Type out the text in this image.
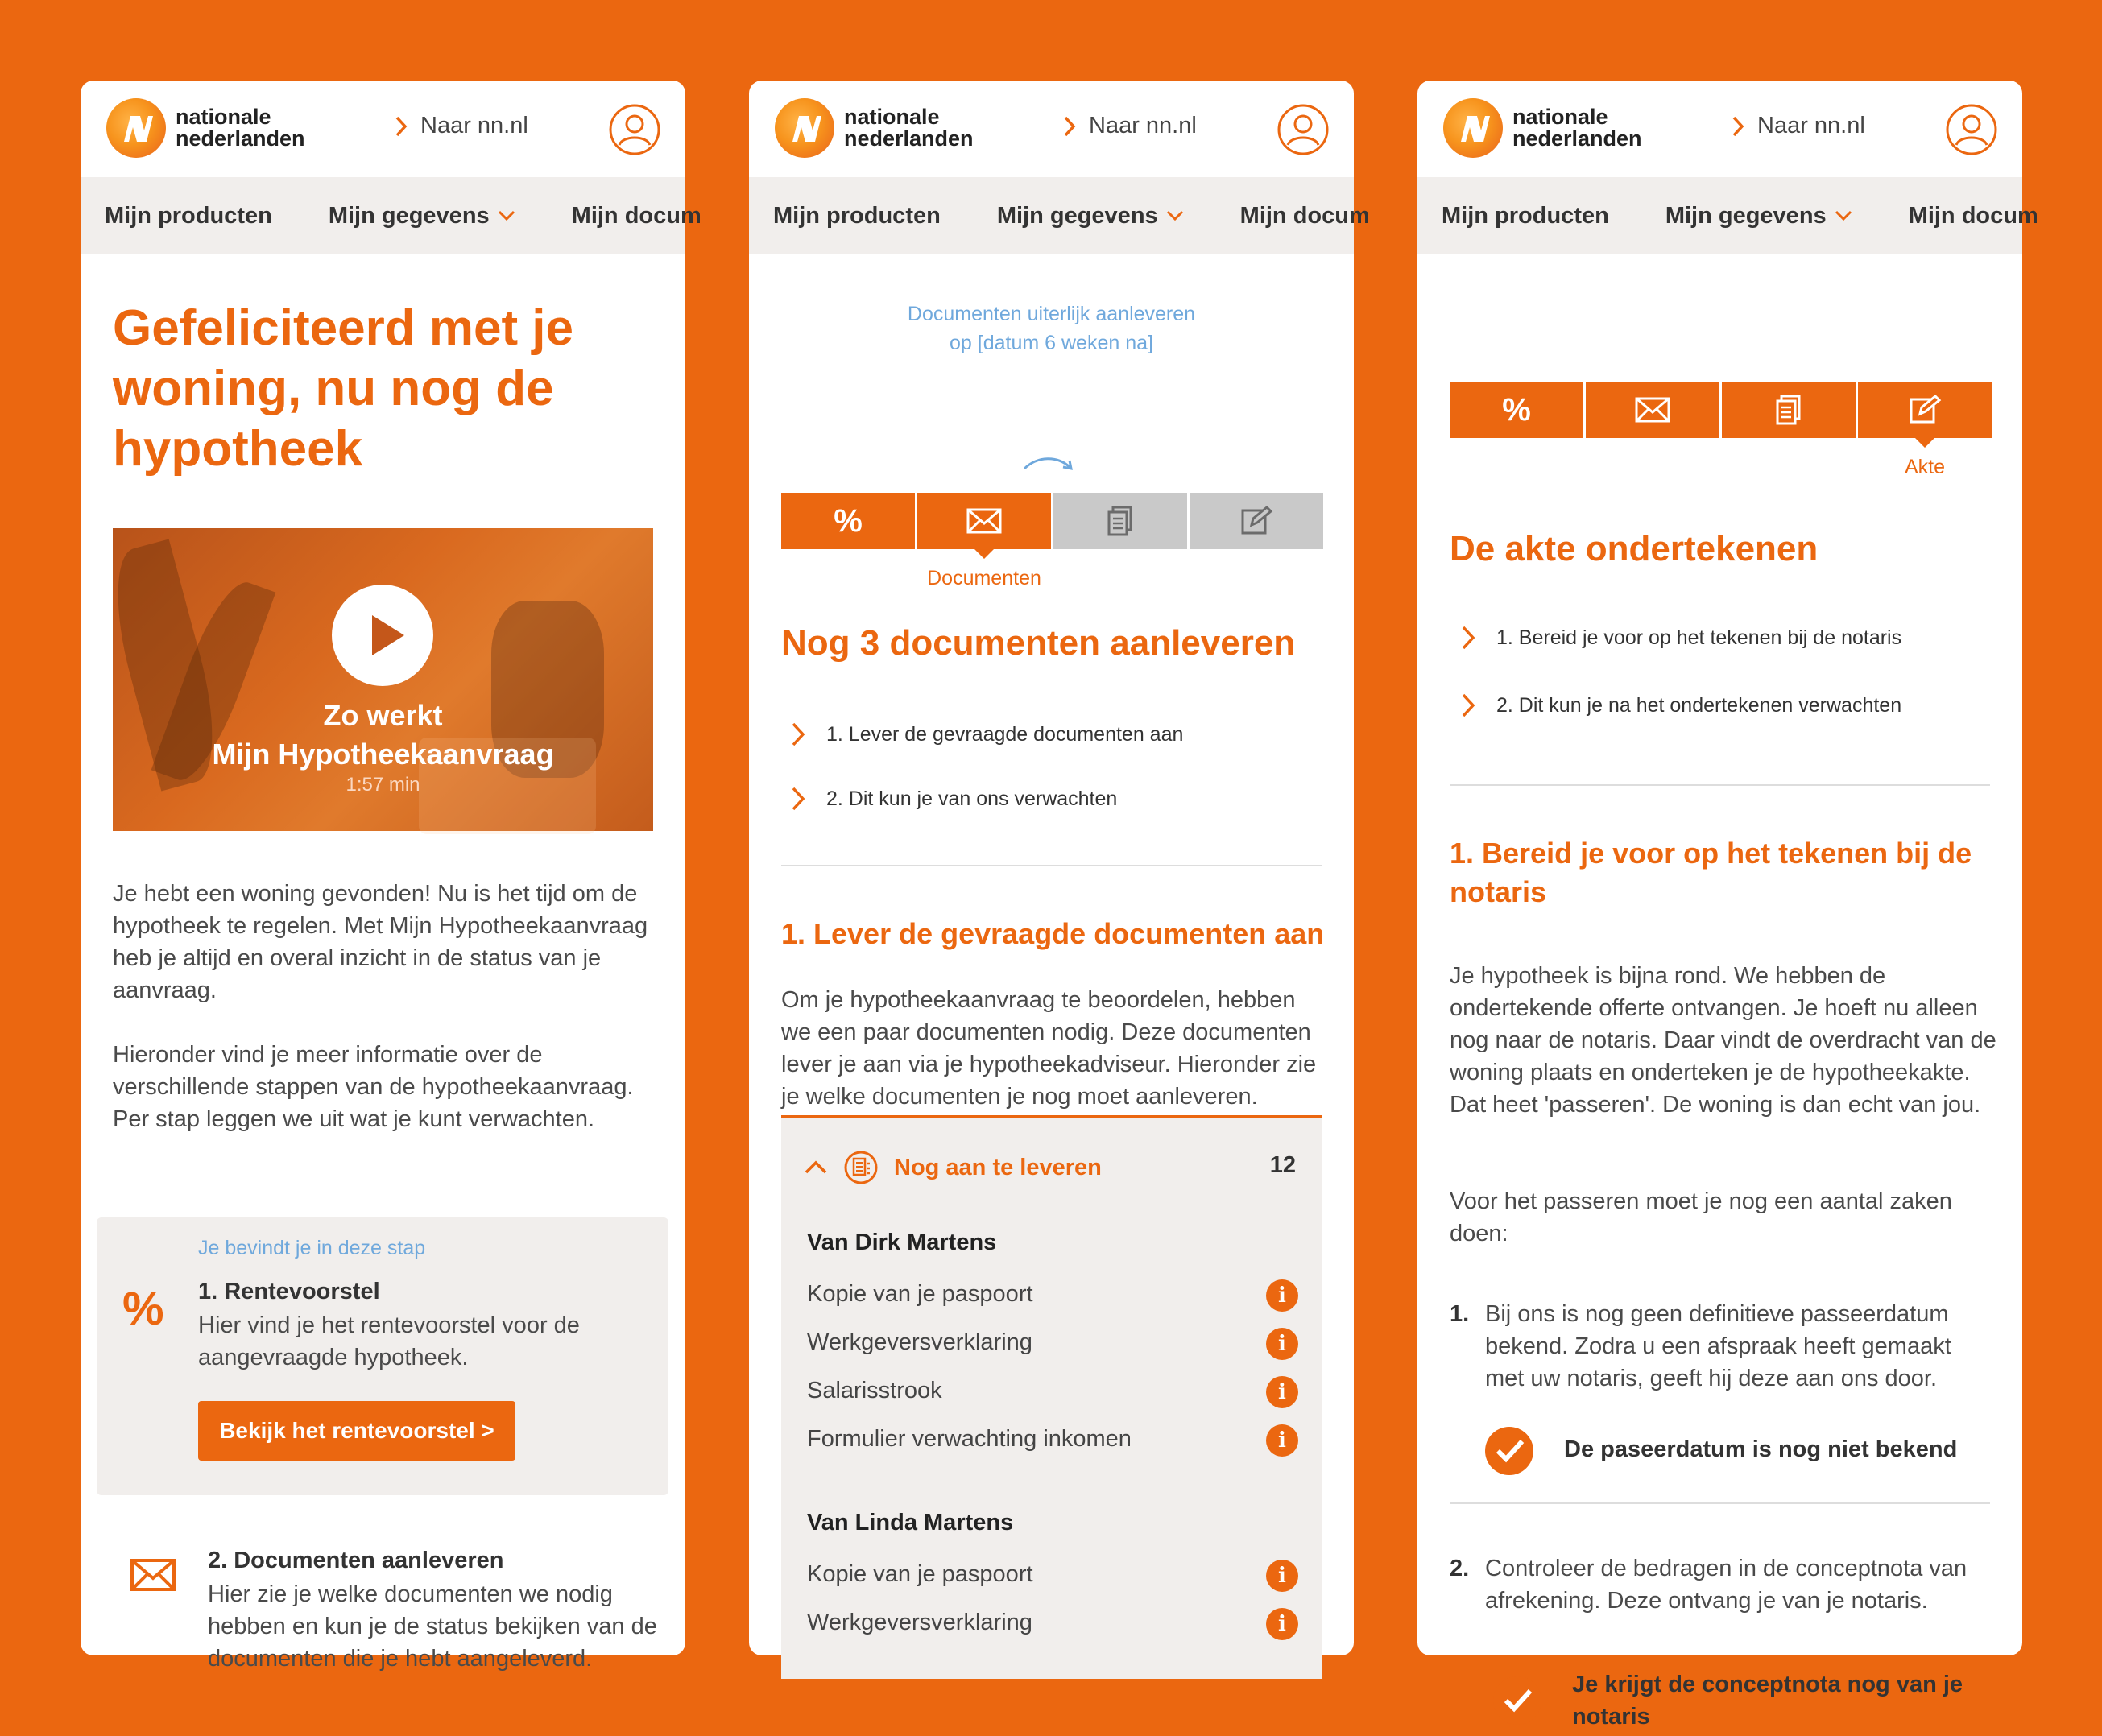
nationale
nederlanden	Naar nn.nl
Mijn producten Mijn gegevens	Mijn docum
Gefeliciteerd met je woning, nu nog de hypotheek
Zo werkt
Mijn Hypotheekaanvraag
1:57 min

Je hebt een woning gevonden! Nu is het tijd om de hypotheek te regelen. Met Mijn Hypotheekaanvraag heb je altijd en overal inzicht in de status van je aanvraag.

Hieronder vind je meer informatie over de verschillende stappen van de hypotheekaanvraag. Per stap leggen we uit wat je kunt verwachten.

Je bevindt je in deze stap
% 1. Rentevoorstel
Hier vind je het rentevoorstel voor de aangevraagde hypotheek.
Bekijk het rentevoorstel >
2. Documenten aanleveren
Hier zie je welke documenten we nodig hebben en kun je de status bekijken van de documenten die je hebt aangeleverd.
nationale
nederlanden	Naar nn.nl
Mijn producten Mijn gegevens	Mijn docum
Documenten uiterlijk aanleveren
op [datum 6 weken na]
%
Documenten
Nog 3 documenten aanleveren
1. Lever de gevraagde documenten aan
2. Dit kun je van ons verwachten
1. Lever de gevraagde documenten aan

Om je hypotheekaanvraag te beoordelen, hebben we een paar documenten nodig. Deze documenten lever je aan via je hypotheekadviseur. Hieronder zie je welke documenten je nog moet aanleveren.

Nog aan te leveren	12
Van Dirk Martens
Kopie van je paspoort	i
Werkgeversverklaring	i
Salarisstrook	i
Formulier verwachting inkomen	i
Van Linda Martens
Kopie van je paspoort	i
Werkgeversverklaring	i
nationale
nederlanden	Naar nn.nl
Mijn producten Mijn gegevens	Mijn docum
%
Akte
De akte ondertekenen
1. Bereid je voor op het tekenen bij de notaris
2. Dit kun je na het ondertekenen verwachten
1. Bereid je voor op het tekenen bij de
notaris

Je hypotheek is bijna rond. We hebben de ondertekende offerte ontvangen. Je hoeft nu alleen nog naar de notaris. Daar vindt de overdracht van de woning plaats en onderteken je de hypotheekakte. Dat heet 'passeren'. De woning is dan echt van jou.

Voor het passeren moet je nog een aantal zaken doen:

1. Bij ons is nog geen definitieve passeerdatum bekend. Zodra u een afspraak heeft gemaakt met uw notaris, geeft hij deze aan ons door.
De paseerdatum is nog niet bekend
2. Controleer de bedragen in de conceptnota van afrekening. Deze ontvang je van je notaris.
Je krijgt de conceptnota nog van je notaris
